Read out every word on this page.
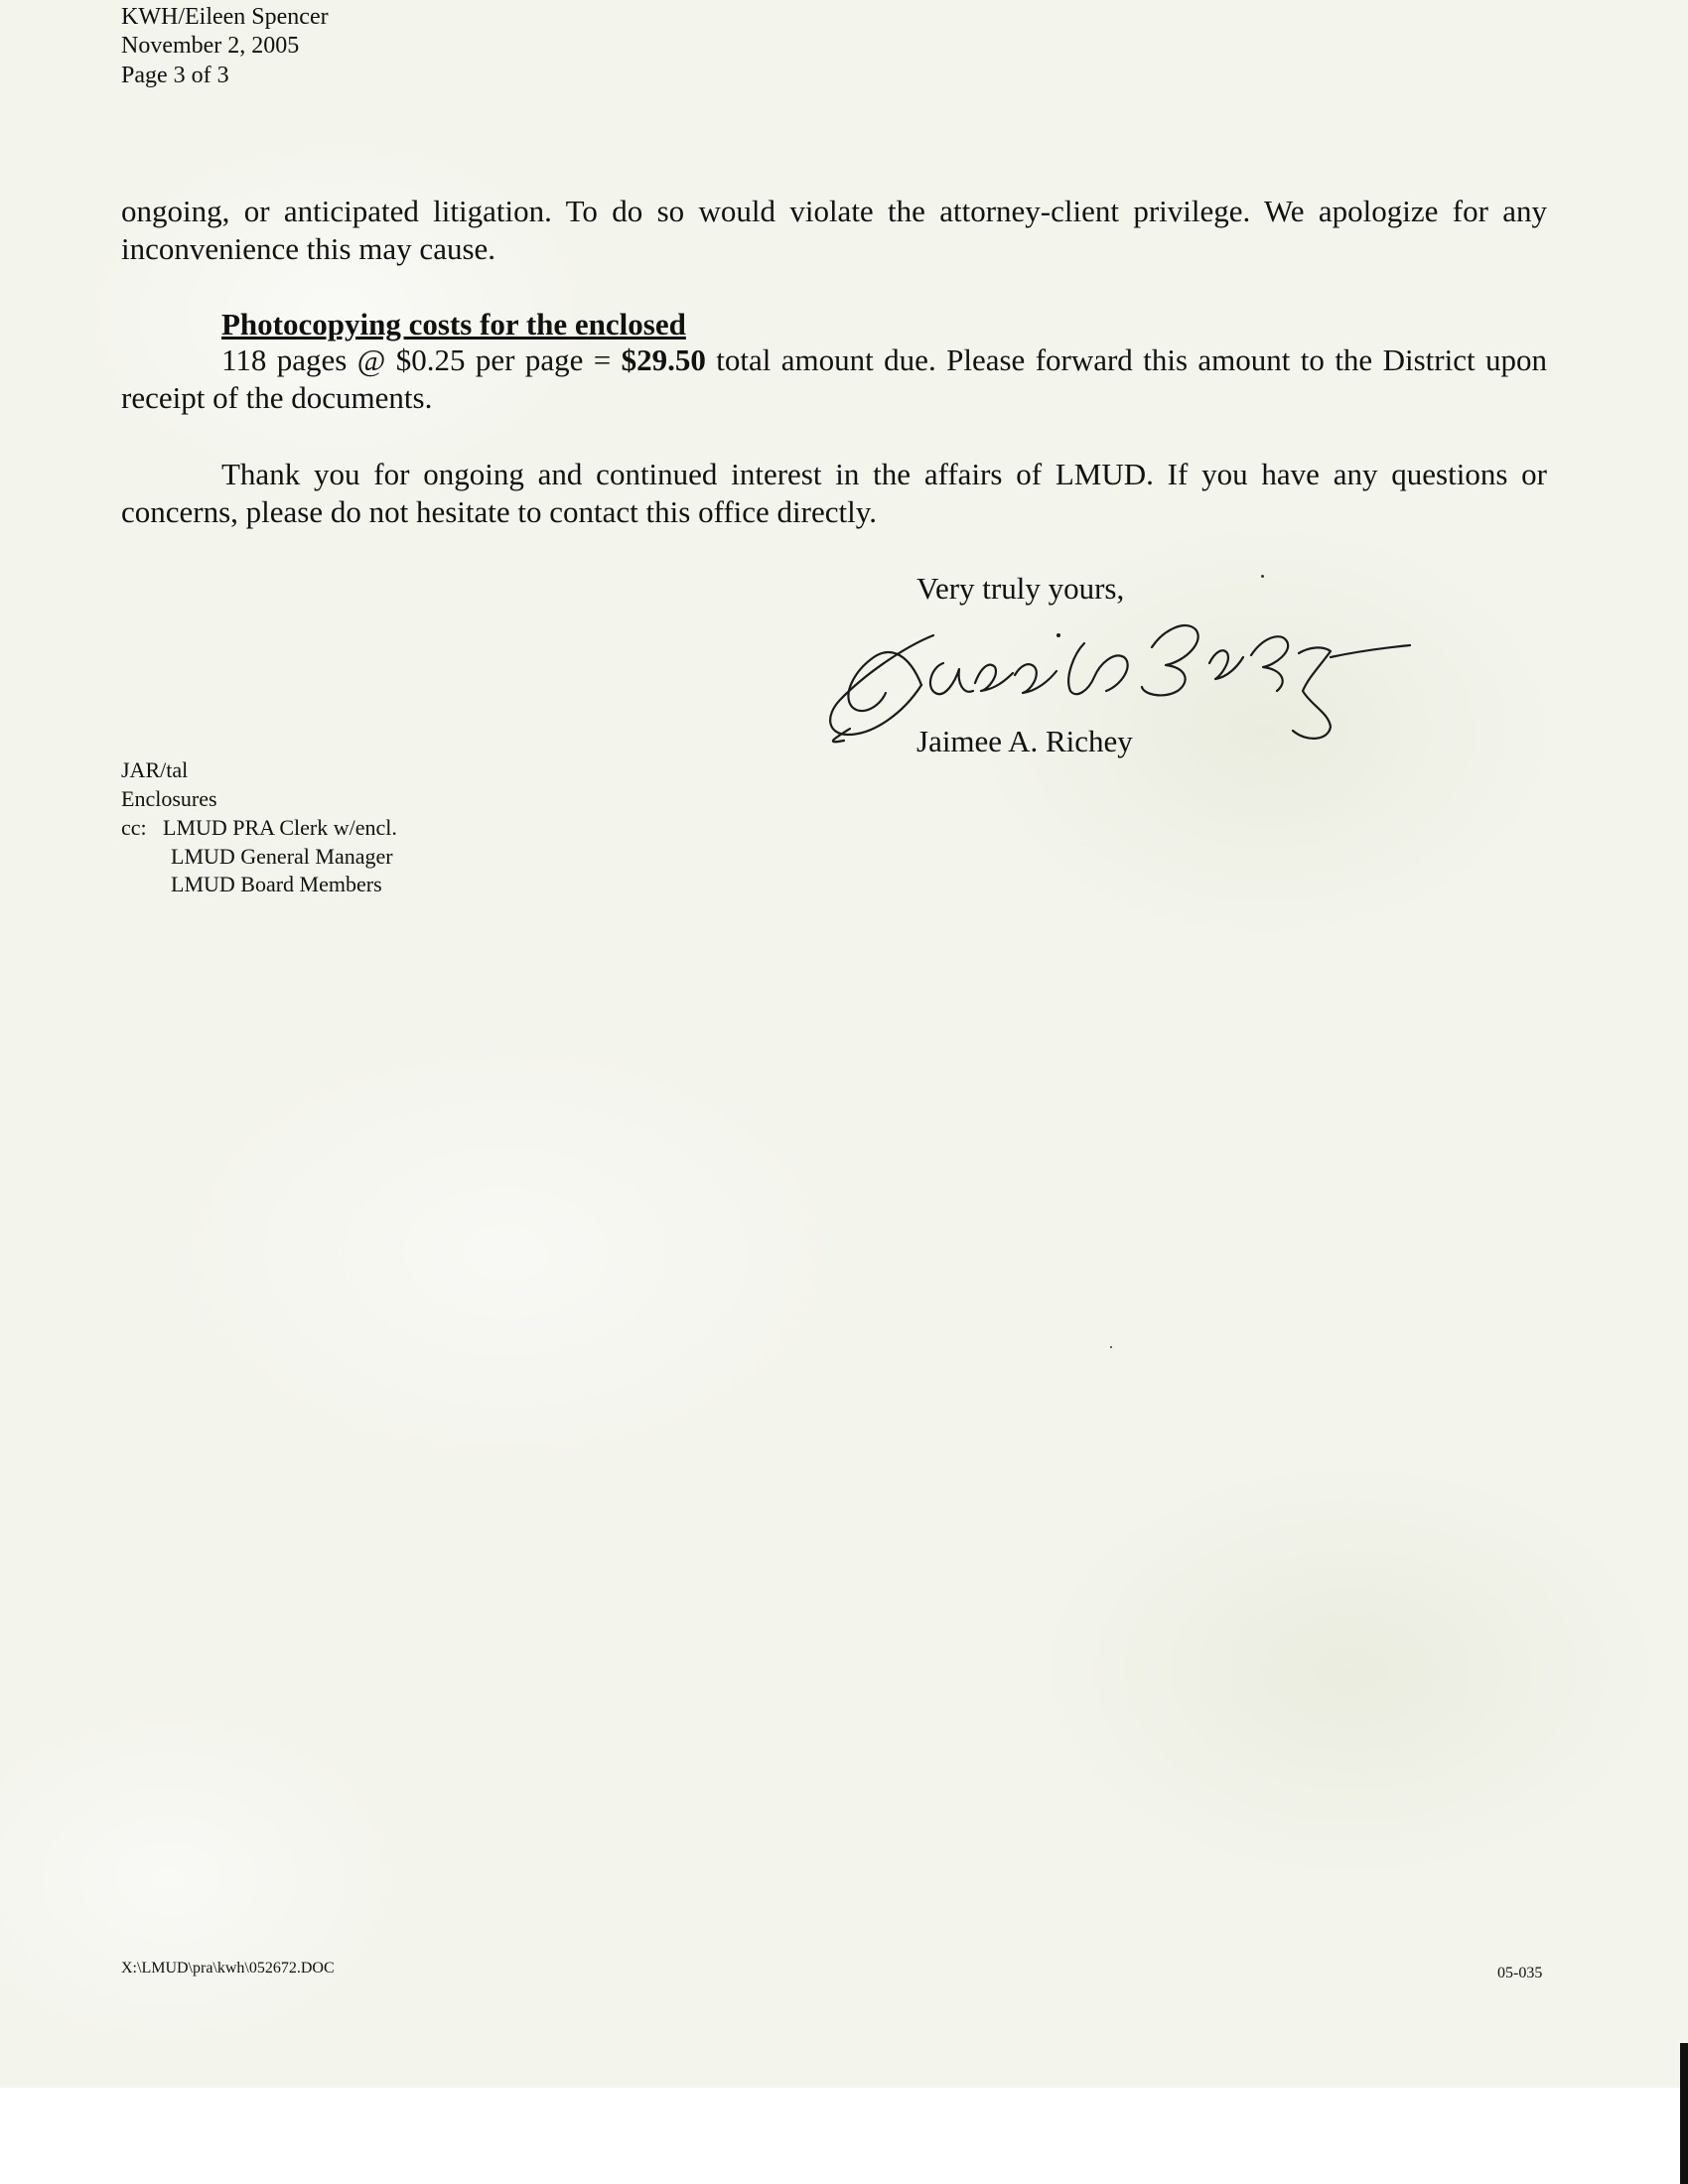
KWH/Eileen Spencer
November 2, 2005
Page 3 of 3

ongoing, or anticipated litigation. To do so would violate the attorney-client privilege. We apologize for any inconvenience this may cause.

Photocopying costs for the enclosed

118 pages @ $0.25 per page = $29.50 total amount due. Please forward this amount to the District upon receipt of the documents.

Thank you for ongoing and continued interest in the affairs of LMUD. If you have any questions or concerns, please do not hesitate to contact this office directly.

Very truly yours,
Jaimee A. Richey
JAR/tal
Enclosures
cc: LMUD PRA Clerk w/encl.
LMUD General Manager
LMUD Board Members
X:\LMUD\pra\kwh\052672.DOC	05-035
